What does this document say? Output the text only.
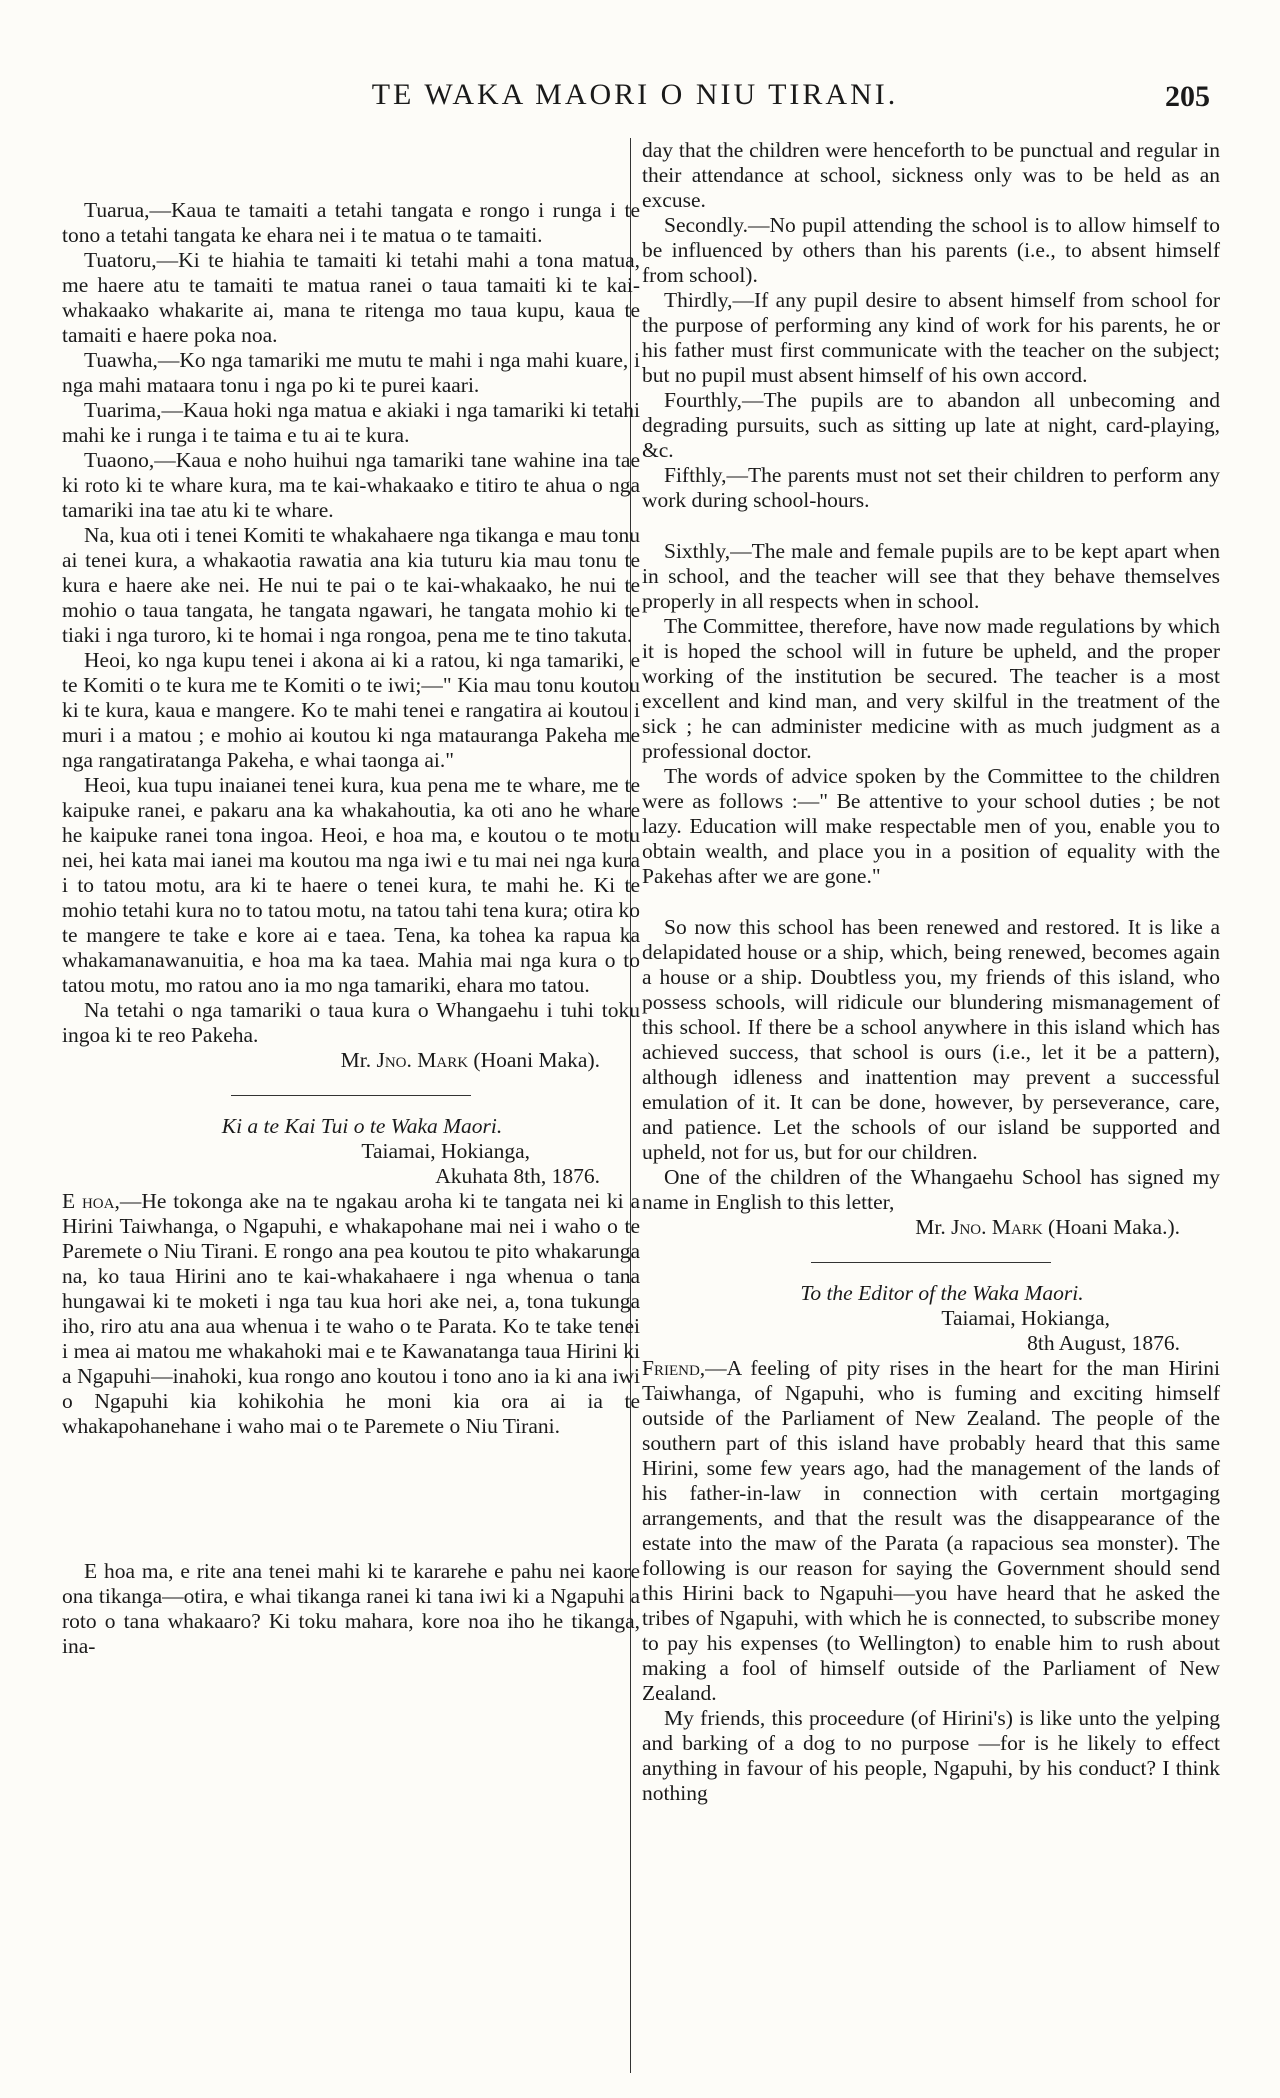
TE WAKA MAORI O NIU TIRANI.	205

Tuarua,—Kaua te tamaiti a tetahi tangata e rongo i runga i te tono a tetahi tangata ke ehara nei i te matua o te tamaiti.

Tuatoru,—Ki te hiahia te tamaiti ki tetahi mahi a tona matua, me haere atu te tamaiti te matua ranei o taua tamaiti ki te kai-whakaako whakarite ai, mana te ritenga mo taua kupu, kaua te tamaiti e haere poka noa.

Tuawha,—Ko nga tamariki me mutu te mahi i nga mahi kuare, i nga mahi mataara tonu i nga po ki te purei kaari.

Tuarima,—Kaua hoki nga matua e akiaki i nga tamariki ki tetahi mahi ke i runga i te taima e tu ai te kura.

Tuaono,—Kaua e noho huihui nga tamariki tane wahine ina tae ki roto ki te whare kura, ma te kai-whakaako e titiro te ahua o nga tamariki ina tae atu ki te whare.

Na, kua oti i tenei Komiti te whakahaere nga tikanga e mau tonu ai tenei kura, a whakaotia rawatia ana kia tuturu kia mau tonu te kura e haere ake nei. He nui te pai o te kai-whakaako, he nui te mohio o taua tangata, he tangata ngawari, he tangata mohio ki te tiaki i nga turoro, ki te homai i nga rongoa, pena me te tino takuta.

Heoi, ko nga kupu tenei i akona ai ki a ratou, ki nga tamariki, e te Komiti o te kura me te Komiti o te iwi;—" Kia mau tonu koutou ki te kura, kaua e mangere. Ko te mahi tenei e rangatira ai koutou i muri i a matou ; e mohio ai koutou ki nga matauranga Pakeha me nga rangatiratanga Pakeha, e whai taonga ai."

Heoi, kua tupu inaianei tenei kura, kua pena me te whare, me te kaipuke ranei, e pakaru ana ka whakahoutia, ka oti ano he whare he kaipuke ranei tona ingoa. Heoi, e hoa ma, e koutou o te motu nei, hei kata mai ianei ma koutou ma nga iwi e tu mai nei nga kura i to tatou motu, ara ki te haere o tenei kura, te mahi he. Ki te mohio tetahi kura no to tatou motu, na tatou tahi tena kura; otira ko te mangere te take e kore ai e taea. Tena, ka tohea ka rapua ka whakamanawanuitia, e hoa ma ka taea. Mahia mai nga kura o to tatou motu, mo ratou ano ia mo nga tamariki, ehara mo tatou.

Na tetahi o nga tamariki o taua kura o Whangaehu i tuhi toku ingoa ki te reo Pakeha.

Mr. Jno. Mark (Hoani Maka).

Ki a te Kai Tui o te Waka Maori.

Taiamai, Hokianga,

Akuhata 8th, 1876.

E hoa,—He tokonga ake na te ngakau aroha ki te tangata nei ki a Hirini Taiwhanga, o Ngapuhi, e whakapohane mai nei i waho o te Paremete o Niu Tirani. E rongo ana pea koutou te pito whakarunga na, ko taua Hirini ano te kai-whakahaere i nga whenua o tana hungawai ki te moketi i nga tau kua hori ake nei, a, tona tukunga iho, riro atu ana aua whenua i te waho o te Parata. Ko te take tenei i mea ai matou me whakahoki mai e te Kawanatanga taua Hirini ki a Ngapuhi—inahoki, kua rongo ano koutou i tono ano ia ki ana iwi o Ngapuhi kia kohikohia he moni kia ora ai ia te whakapohanehane i waho mai o te Paremete o Niu Tirani.

E hoa ma, e rite ana tenei mahi ki te kararehe e pahu nei kaore ona tikanga—otira, e whai tikanga ranei ki tana iwi ki a Ngapuhi a roto o tana whakaaro? Ki toku mahara, kore noa iho he tikanga, ina-

day that the children were henceforth to be punctual and regular in their attendance at school, sickness only was to be held as an excuse.

Secondly.—No pupil attending the school is to allow himself to be influenced by others than his parents (i.e., to absent himself from school).

Thirdly,—If any pupil desire to absent himself from school for the purpose of performing any kind of work for his parents, he or his father must first communicate with the teacher on the subject; but no pupil must absent himself of his own accord.

Fourthly,—The pupils are to abandon all unbecoming and degrading pursuits, such as sitting up late at night, card-playing, &c.

Fifthly,—The parents must not set their children to perform any work during school-hours.

Sixthly,—The male and female pupils are to be kept apart when in school, and the teacher will see that they behave themselves properly in all respects when in school.

The Committee, therefore, have now made regulations by which it is hoped the school will in future be upheld, and the proper working of the institution be secured. The teacher is a most excellent and kind man, and very skilful in the treatment of the sick ; he can administer medicine with as much judgment as a professional doctor.

The words of advice spoken by the Committee to the children were as follows :—" Be attentive to your school duties ; be not lazy. Education will make respectable men of you, enable you to obtain wealth, and place you in a position of equality with the Pakehas after we are gone."

So now this school has been renewed and restored. It is like a delapidated house or a ship, which, being renewed, becomes again a house or a ship. Doubtless you, my friends of this island, who possess schools, will ridicule our blundering mismanagement of this school. If there be a school anywhere in this island which has achieved success, that school is ours (i.e., let it be a pattern), although idleness and inattention may prevent a successful emulation of it. It can be done, however, by perseverance, care, and patience. Let the schools of our island be supported and upheld, not for us, but for our children.

One of the children of the Whangaehu School has signed my name in English to this letter,

Mr. Jno. Mark (Hoani Maka.).

To the Editor of the Waka Maori.

Taiamai, Hokianga,

8th August, 1876.

Friend,—A feeling of pity rises in the heart for the man Hirini Taiwhanga, of Ngapuhi, who is fuming and exciting himself outside of the Parliament of New Zealand. The people of the southern part of this island have probably heard that this same Hirini, some few years ago, had the management of the lands of his father-in-law in connection with certain mortgaging arrangements, and that the result was the disappearance of the estate into the maw of the Parata (a rapacious sea monster). The following is our reason for saying the Government should send this Hirini back to Ngapuhi—you have heard that he asked the tribes of Ngapuhi, with which he is connected, to subscribe money to pay his expenses (to Wellington) to enable him to rush about making a fool of himself outside of the Parliament of New Zealand.

My friends, this proceedure (of Hirini's) is like unto the yelping and barking of a dog to no purpose —for is he likely to effect anything in favour of his people, Ngapuhi, by his conduct? I think nothing
